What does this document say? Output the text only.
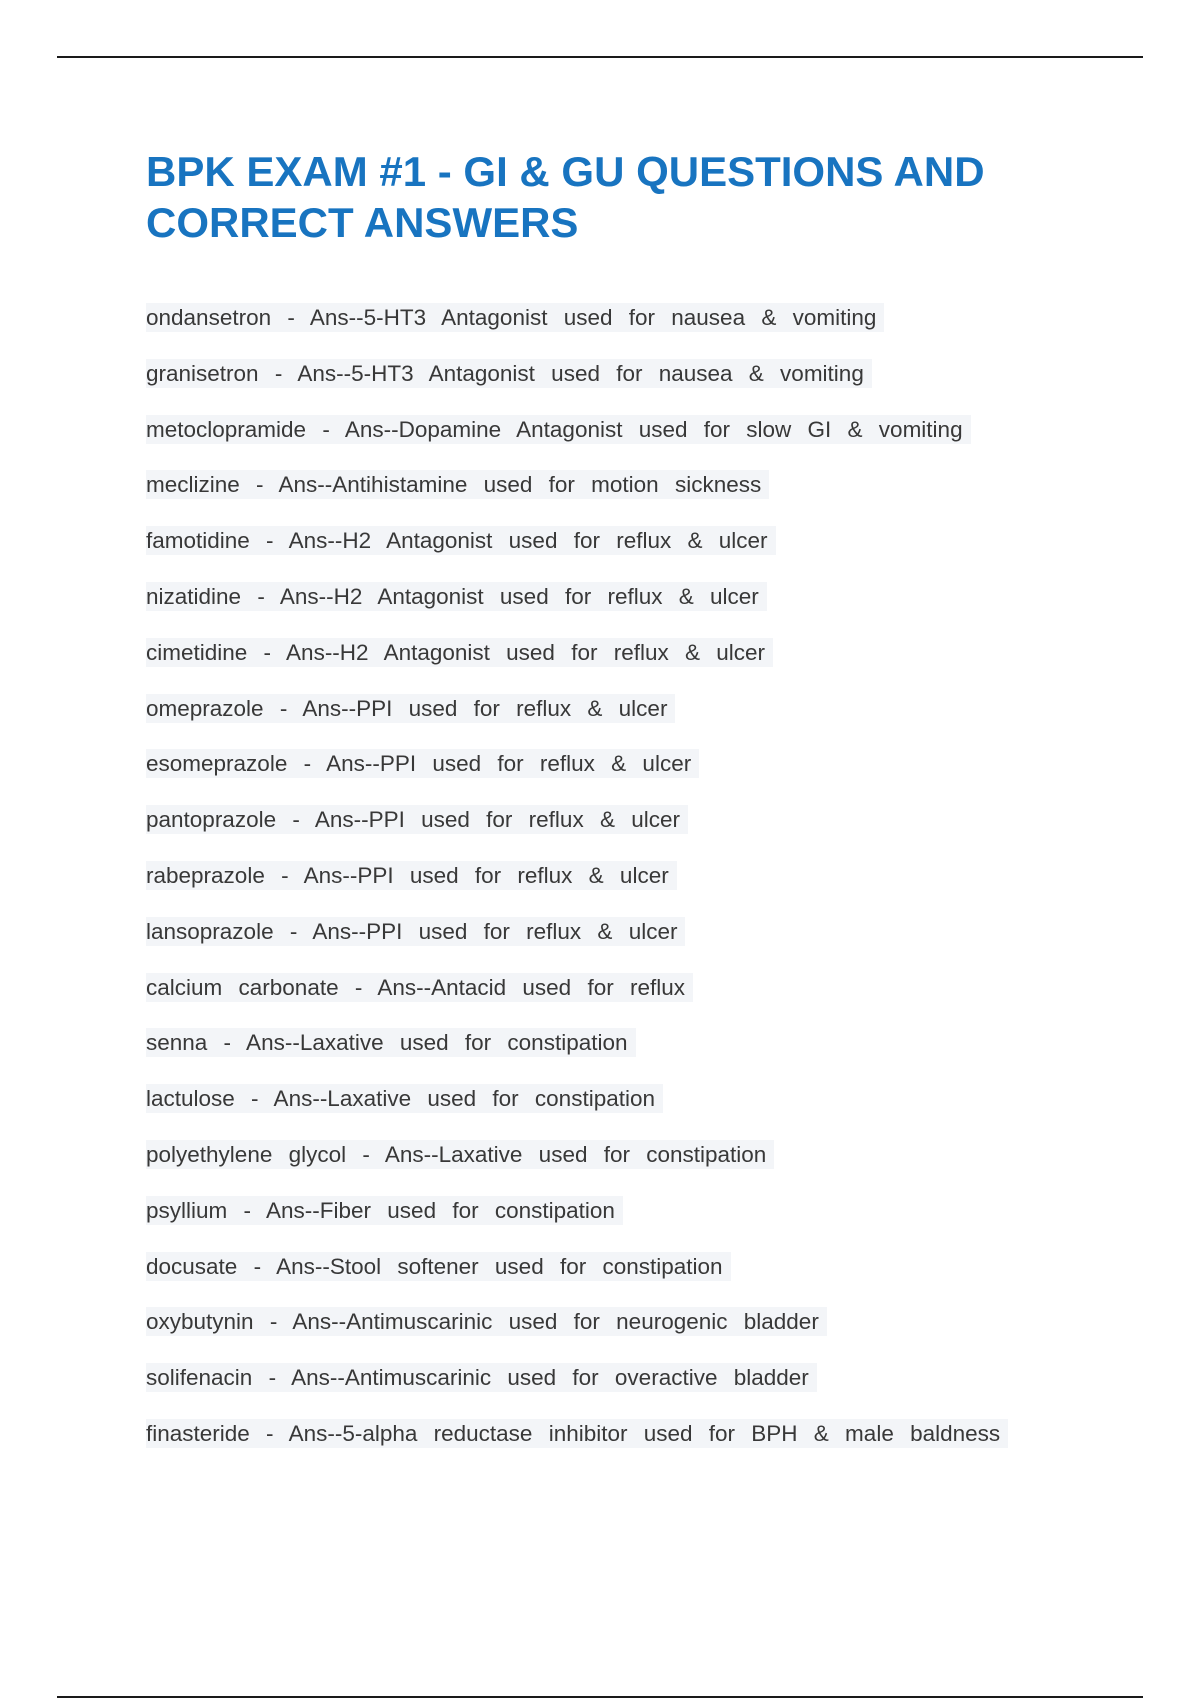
BPK EXAM #1 - GI & GU QUESTIONS AND CORRECT ANSWERS
ondansetron - Ans--5-HT3 Antagonist used for nausea & vomiting
granisetron - Ans--5-HT3 Antagonist used for nausea & vomiting
metoclopramide - Ans--Dopamine Antagonist used for slow GI & vomiting
meclizine - Ans--Antihistamine used for motion sickness
famotidine - Ans--H2 Antagonist used for reflux & ulcer
nizatidine - Ans--H2 Antagonist used for reflux & ulcer
cimetidine - Ans--H2 Antagonist used for reflux & ulcer
omeprazole - Ans--PPI used for reflux & ulcer
esomeprazole - Ans--PPI used for reflux & ulcer
pantoprazole - Ans--PPI used for reflux & ulcer
rabeprazole - Ans--PPI used for reflux & ulcer
lansoprazole - Ans--PPI used for reflux & ulcer
calcium carbonate - Ans--Antacid used for reflux
senna - Ans--Laxative used for constipation
lactulose - Ans--Laxative used for constipation
polyethylene glycol - Ans--Laxative used for constipation
psyllium - Ans--Fiber used for constipation
docusate - Ans--Stool softener used for constipation
oxybutynin - Ans--Antimuscarinic used for neurogenic bladder
solifenacin - Ans--Antimuscarinic used for overactive bladder
finasteride - Ans--5-alpha reductase inhibitor used for BPH & male baldness
